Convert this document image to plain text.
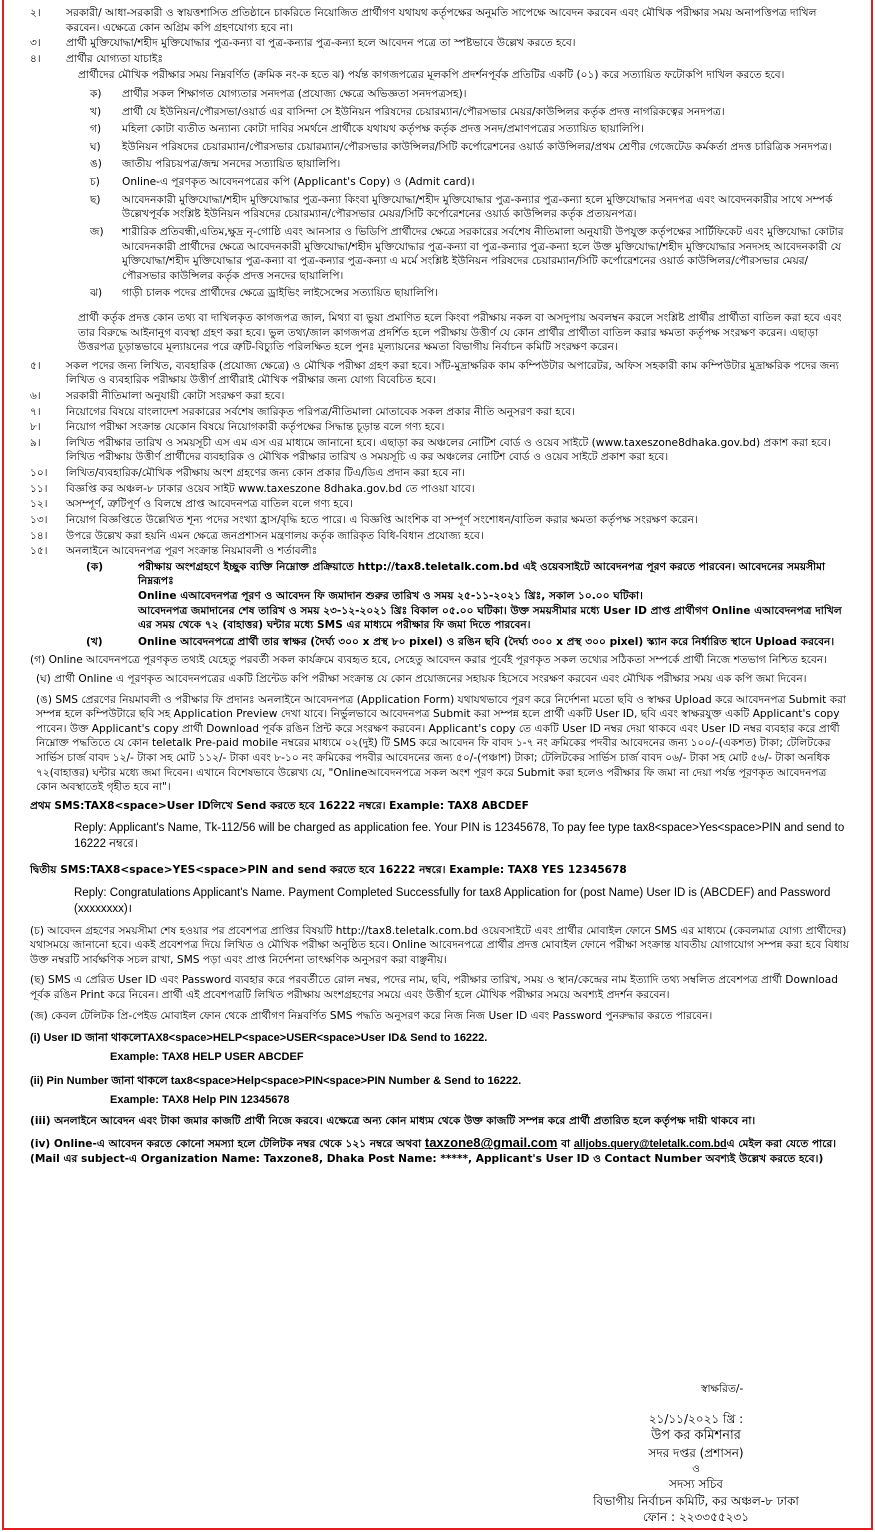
২।	সরকারী/ আধা-সরকারী ও স্বায়ত্তশাসিত প্রতিষ্ঠানে চাকরিতে নিয়োজিত প্রার্থীগণ যথাযথ কর্তৃপক্ষের অনুমতি সাপেক্ষে আবেদন করবেন এবং মৌখিক পরীক্ষার সময় অনাপত্তিপত্র দাখিল করবেন। এক্ষেত্রে কোন অগ্রিম কপি গ্রহণযোগ্য হবে না।
৩।	প্রার্থী মুক্তিযোদ্ধা/শহীদ মুক্তিযোদ্ধার পুত্র-কন্যা বা পুত্র-কন্যার পুত্র-কন্যা হলে আবেদন পত্রে তা স্পষ্টভাবে উল্লেখ করতে হবে।
৪।	প্রার্থীর যোগ্যতা যাচাইঃ
প্রার্থীদের মৌখিক পরীক্ষার সময় নিম্নবর্ণিত (ক্রমিক নং-ক হতে ঝ) পর্যন্ত কাগজপত্রের মূলকপি প্রদর্শনপূর্বক প্রতিটির একটি (০১) করে সত্যায়িত ফটোকপি দাখিল করতে হবে।
ক)	প্রার্থীর সকল শিক্ষাগত যোগ্যতার সনদপত্র (প্রযোজ্য ক্ষেত্রে অভিজ্ঞতা সনদপত্রসহ)।
খ)	প্রার্থী যে ইউনিয়ন/পৌরসভা/ওয়ার্ড এর বাসিন্দা সে ইউনিয়ন পরিষদের চেয়ারম্যান/পৌরসভার মেয়র/কাউন্সিলর কর্তৃক প্রদত্ত নাগরিকত্বের সনদপত্র।
গ)	মহিলা কোটা ব্যতীত অন্যান্য কোটা দাবির সমর্থনে প্রার্থীকে যথাযথ কর্তৃপক্ষ কর্তৃক প্রদত্ত সনদ/প্রমাণপত্রের সত্যায়িত ছায়ালিপি।
ঘ)	ইউনিয়ন পরিষদের চেয়ারম্যান/পৌরসভার চেয়ারম্যান/পৌরসভার কাউন্সিলর/সিটি কর্পোরেশনের ওয়ার্ড কাউন্সিলর/প্রথম শ্রেণীর গেজেটেড কর্মকর্তা প্রদত্ত চারিত্রিক সনদপত্র।
ঙ)	জাতীয় পরিচয়পত্র/জন্ম সনদের সত্যায়িত ছায়ালিপি।
চ)	Online-এ পূরণকৃত আবেদনপত্রের কপি (Applicant's Copy) ও (Admit card)।
ছ)	আবেদনকারী মুক্তিযোদ্ধা/শহীদ মুক্তিযোদ্ধার পুত্র-কন্যা কিংবা মুক্তিযোদ্ধা/শহীদ মুক্তিযোদ্ধার পুত্র-কন্যার পুত্র-কন্যা হলে মুক্তিযোদ্ধার সনদপত্র এবং আবেদনকারীর সাথে সম্পর্ক উল্লেখপূর্বক সংশ্লিষ্ট ইউনিয়ন পরিষদের চেয়ারম্যান/পৌরসভার মেয়র/সিটি কর্পোরেশনের ওয়ার্ড কাউন্সিলর কর্তৃক প্রত্যয়নপত্র।
জ)	শারীরিক প্রতিবন্ধী,এতিম,ক্ষুদ্র নৃ-গোষ্ঠি এবং আনসার ও ভিডিপি প্রার্থীদের ক্ষেত্রে সরকারের সর্বশেষ নীতিমালা অনুযায়ী উপযুক্ত কর্তৃপক্ষের সার্টিফিকেট এবং মুক্তিযোদ্ধা কোটার আবেদনকারী প্রার্থীদের ক্ষেত্রে আবেদনকারী মুক্তিযোদ্ধা/শহীদ মুক্তিযোদ্ধার পুত্র-কন্যা বা পুত্র-কন্যার পুত্র-কন্যা হলে উক্ত মুক্তিযোদ্ধা/শহীদ মুক্তিযোদ্ধার সনদসহ আবেদনকারী যে মুক্তিযোদ্ধা/শহীদ মুক্তিযোদ্ধার পুত্র-কন্যা বা পুত্র-কন্যার পুত্র-কন্যা এ মর্মে সংশ্লিষ্ট ইউনিয়ন পরিষদের চেয়ারম্যান/সিটি কর্পোরেশনের ওয়ার্ড কাউন্সিলর/পৌরসভার মেয়র/পৌরসভার কাউন্সিলর কর্তৃক প্রদত্ত সনদের ছায়ালিপি।
ঝ)	গাড়ী চালক পদের প্রার্থীদের ক্ষেত্রে ড্রাইভিং লাইসেন্সের সত্যায়িত ছায়ালিপি।
প্রার্থী কর্তৃক প্রদত্ত কোন তথ্য বা দাখিলকৃত কাগজপত্র জাল, মিথ্যা বা ভুয়া প্রমাণিত হলে কিংবা পরীক্ষায় নকল বা অসদুপায় অবলম্বন করলে সংশ্লিষ্ট প্রার্থীর প্রার্থীতা বাতিল করা হবে এবং তার বিরুদ্ধে আইনানুগ ব্যবস্থা গ্রহণ করা হবে। ভুল তথ্য/জাল কাগজপত্র প্রদর্শিত হলে পরীক্ষায় উত্তীর্ণ যে কোন প্রার্থীর প্রার্থীতা বাতিল করার ক্ষমতা কর্তৃপক্ষ সংরক্ষণ করেন। এছাড়া উত্তরপত্র চূড়ান্তভাবে মূল্যায়নের পরে ত্রুটি-বিচ্যুতি পরিলক্ষিত হলে পুনঃ মূল্যায়নের ক্ষমতা বিভাগীয় নির্বাচন কমিটি সংরক্ষণ করেন।
৫।	সকল পদের জন্য লিখিত, ব্যবহারিক (প্রযোজ্য ক্ষেত্রে) ও মৌখিক পরীক্ষা গ্রহণ করা হবে। সাঁট-মুদ্রাক্ষরিক কাম কম্পিউটার অপারেটর, অফিস সহকারী কাম কম্পিউটার মুদ্রাক্ষরিক পদের জন্য লিখিত ও ব্যবহারিক পরীক্ষায় উত্তীর্ণ প্রার্থীরাই মৌখিক পরীক্ষার জন্য যোগ্য বিবেচিত হবে।
৬।	সরকারী নীতিমালা অনুযায়ী কোটা সংরক্ষণ করা হবে।
৭।	নিয়োগের বিষয়ে বাংলাদেশ সরকারের সর্বশেষ জারিকৃত পরিপত্র/নীতিমালা মোতাবেক সকল প্রকার নীতি অনুসরণ করা হবে।
৮।	নিয়োগ পরীক্ষা সংক্রান্ত যেকোন বিষয়ে নিয়োগকারী কর্তৃপক্ষের সিদ্ধান্ত চূড়ান্ত বলে গণ্য হবে।
৯।	লিখিত পরীক্ষার তারিখ ও সময়সূচী এস এম এস এর মাধ্যমে জানানো হবে। এছাড়া কর অঞ্চলের নোটিশ বোর্ড ও ওয়েব সাইটে (www.taxeszone8dhaka.gov.bd) প্রকাশ করা হবে। লিখিত পরীক্ষায় উত্তীর্ণ প্রার্থীদের ব্যবহারিক ও মৌখিক পরীক্ষার তারিখ ও সময়সূচি এ কর অঞ্চলের নোটিশ বোর্ড ও ওয়েব সাইটে প্রকাশ করা হবে।
১০।	লিখিত/ব্যবহারিক/মৌখিক পরীক্ষায় অংশ গ্রহণের জন্য কোন প্রকার টিএ/ডিএ প্রদান করা হবে না।
১১।	বিজ্ঞপ্তি কর অঞ্চল-৮ ঢাকার ওয়েব সাইট www.taxeszone 8dhaka.gov.bd তে পাওয়া যাবে।
১২।	অসম্পূর্ণ, ত্রুটিপূর্ণ ও বিলম্বে প্রাপ্ত আবেদনপত্র বাতিল বলে গণ্য হবে।
১৩।	নিয়োগ বিজ্ঞপ্তিতে উল্লেখিত শূন্য পদের সংখ্যা হ্রাস/বৃদ্ধি হতে পারে। এ বিজ্ঞপ্তি আংশিক বা সম্পূর্ণ সংশোধন/বাতিল করার ক্ষমতা কর্তৃপক্ষ সংরক্ষণ করেন।
১৪।	উপরে উল্লেখ করা হয়নি এমন ক্ষেত্রে জনপ্রশাসন মন্ত্রণালয় কর্তৃক জারিকৃত বিধি-বিধান প্রযোজ্য হবে।
১৫।	অনলাইনে আবেদনপত্র পূরণ সংক্রান্ত নিয়মাবলী ও শর্তাবলীঃ
(ক)	পরীক্ষায় অংশগ্রহণে ইচ্ছুক ব্যক্তি নিম্নোক্ত প্রক্রিয়াতে http://tax8.teletalk.com.bd এই ওয়েবসাইটে আবেদনপত্র পূরণ করতে পারবেন। আবেদনের সময়সীমা নিম্নরূপঃ
Online এআবেদনপত্র পূরণ ও আবেদন ফি জমাদান শুরুর তারিখ ও সময় ২৫-১১-২০২১ খ্রিঃ, সকাল ১০.০০ ঘটিকা।
আবেদনপত্র জমাদানের শেষ তারিখ ও সময় ২৩-১২-২০২১ খ্রিঃ বিকাল ০৫.০০ ঘটিকা। উক্ত সময়সীমার মধ্যে User ID প্রাপ্ত প্রার্থীগণ Online এআবেদনপত্র দাখিল এর সময় থেকে ৭২ (বাহাত্তর) ঘন্টার মধ্যে SMS এর মাধ্যমে পরীক্ষার ফি জমা দিতে পারবেন।
(খ)	Online আবেদনপত্রে প্রার্থী তার স্বাক্ষর (দৈর্ঘ্য ৩০০ x প্রস্থ ৮০ pixel) ও রঙিন ছবি (দৈর্ঘ্য ৩০০ x প্রস্থ ৩০০ pixel) স্ক্যান করে নির্ধারিত স্থানে Upload করবেন।
(গ) Online আবেদনপত্রে পূরণকৃত তথ্যই যেহেতু পরবর্তী সকল কার্যক্রমে ব্যবহৃত হবে, সেহেতু আবেদন করার পূর্বেই পূরণকৃত সকল তথ্যের সঠিকতা সম্পর্কে প্রার্থী নিজে শতভাগ নিশ্চিত হবেন।
(ঘ) প্রার্থী Online এ পূরণকৃত আবেদনপত্রের একটি প্রিন্টেড কপি পরীক্ষা সংক্রান্ত যে কোন প্রয়োজনের সহায়ক হিসেবে সংরক্ষণ করবেন এবং মৌখিক পরীক্ষার সময় এক কপি জমা দিবেন।
(ঙ) SMS প্রেরণের নিয়মাবলী ও পরীক্ষার ফি প্রদানঃ অনলাইনে আবেদনপত্র (Application Form) যথাযথভাবে পূরণ করে নির্দেশনা মতো ছবি ও স্বাক্ষর Upload করে আবেদনপত্র Submit করা সম্পন্ন হলে কম্পিউটারে ছবি সহ Application Preview দেখা যাবে। নির্ভুলভাবে আবেদনপত্র Submit করা সম্পন্ন হলে প্রার্থী একটি User ID, ছবি এবং স্বাক্ষরযুক্ত একটি Applicant's copy পাবেন। উক্ত Applicant's copy প্রার্থী Download পূর্বক রঙিন প্রিন্ট করে সংরক্ষণ করবেন। Applicant's copy তে একটি User ID নম্বর দেয়া থাকবে এবং User ID নম্বর ব্যবহার করে প্রার্থী নিম্নোক্ত পদ্ধতিতে যে কোন teletalk Pre-paid mobile নম্বরের মাধ্যমে ০২(দুই) টি SMS করে আবেদন ফি বাবদ ১-৭ নং ক্রমিকের পদবীর আবেদনের জন্য ১০০/-(একশত) টাকা; টেলিটকের সার্ভিস চার্জ বাবদ ১২/- টাকা সহ মোট ১১২/- টাকা এবং ৮-১০ নং ক্রমিকের পদবীর আবেদনের জন্য ৫০/-(পঞ্চাশ) টাকা; টেলিটকের সার্ভিস চার্জ বাবদ ০৬/- টাকা সহ মোট ৫৬/- টাকা অনধিক ৭২(বাহাত্তর) ঘন্টার মধ্যে জমা দিবেন। এখানে বিশেষভাবে উল্লেখ্য যে, "Onlineআবেদনপত্রে সকল অংশ পূরণ করে Submit করা হলেও পরীক্ষার ফি জমা না দেয়া পর্যন্ত পূরণকৃত আবেদনপত্র কোন অবস্থাতেই গৃহীত হবে না"।
প্রথম SMS:TAX8<space>User IDলিখে Send করতে হবে 16222 নম্বরে। Example: TAX8 ABCDEF
Reply: Applicant's Name, Tk-112/56 will be charged as application fee. Your PIN is 12345678, To pay fee type tax8<space>Yes<space>PIN and send to 16222 নম্বরে।
দ্বিতীয় SMS:TAX8<space>YES<space>PIN and send করতে হবে 16222 নম্বরে। Example: TAX8 YES 12345678
Reply: Congratulations Applicant's Name. Payment Completed Successfully for tax8 Application for (post Name) User ID is (ABCDEF) and Password (xxxxxxxx)।
(চ) আবেদন গ্রহণের সময়সীমা শেষ হওয়ার পর প্রবেশপত্র প্রাপ্তির বিষয়টি http://tax8.teletalk.com.bd ওয়েবসাইটে এবং প্রার্থীর মোবাইল ফোনে SMS এর মাধ্যমে (কেবলমাত্র যোগ্য প্রার্থীদের) যথাসময়ে জানানো হবে। একই প্রবেশপত্র দিয়ে লিখিত ও মৌখিক পরীক্ষা অনুষ্ঠিত হবে। Online আবেদনপত্রে প্রার্থীর প্রদত্ত মোবাইল ফোনে পরীক্ষা সংক্রান্ত যাবতীয় যোগাযোগ সম্পন্ন করা হবে বিধায় উক্ত নম্বরটি সার্বক্ষণিক সচল রাখা, SMS পড়া এবং প্রাপ্ত নির্দেশনা তাৎক্ষণিক অনুসরণ করা বাঞ্ছনীয়।
(ছ) SMS এ প্রেরিত User ID এবং Password ব্যবহার করে পরবর্তীতে রোল নম্বর, পদের নাম, ছবি, পরীক্ষার তারিখ, সময় ও স্থান/কেন্দ্রের নাম ইত্যাদি তথ্য সম্বলিত প্রবেশপত্র প্রার্থী Download পূর্বক রঙিন Print করে নিবেন। প্রার্থী এই প্রবেশপত্রটি লিখিত পরীক্ষায় অংশগ্রহণের সময়ে এবং উত্তীর্ণ হলে মৌখিক পরীক্ষার সময়ে অবশ্যই প্রদর্শন করবেন।
(জ) কেবল টেলিটক প্রি-পেইড মোবাইল ফোন থেকে প্রার্থীগণ নিম্নবর্ণিত SMS পদ্ধতি অনুসরণ করে নিজ নিজ User ID এবং Password পুনরুদ্ধার করতে পারবেন।
(i) User ID জানা থাকলেTAX8<space>HELP<space>USER<space>User ID& Send to 16222.
Example: TAX8 HELP USER ABCDEF
(ii) Pin Number জানা থাকলে tax8<space>Help<space>PIN<space>PIN Number & Send to 16222.
Example: TAX8 Help PIN 12345678
(iii) অনলাইনে আবেদন এবং টাকা জমার কাজটি প্রার্থী নিজে করবে। এক্ষেত্রে অন্য কোন মাধ্যম থেকে উক্ত কাজটি সম্পন্ন করে প্রার্থী প্রতারিত হলে কর্তৃপক্ষ দায়ী থাকবে না।
(iv) Online-এ আবেদন করতে কোনো সমস্যা হলে টেলিটক নম্বর থেকে ১২১ নম্বরে অথবা taxzone8@gmail.com বা alljobs.query@teletalk.com.bdএ মেইল করা যেতে পারে। (Mail এর subject-এ Organization Name: Taxzone8, Dhaka Post Name: *****, Applicant's User ID ও Contact Number অবশ্যই উল্লেখ করতে হবে।)
স্বাক্ষরিত/-
২১/১১/২০২১ খ্রি :
উপ কর কমিশনার
সদর দপ্তর (প্রশাসন)
ও
সদস্য সচিব
বিভাগীয় নির্বাচন কমিটি, কর অঞ্চল-৮ ঢাকা
ফোন : ২২৩৩৫৫২৩১
